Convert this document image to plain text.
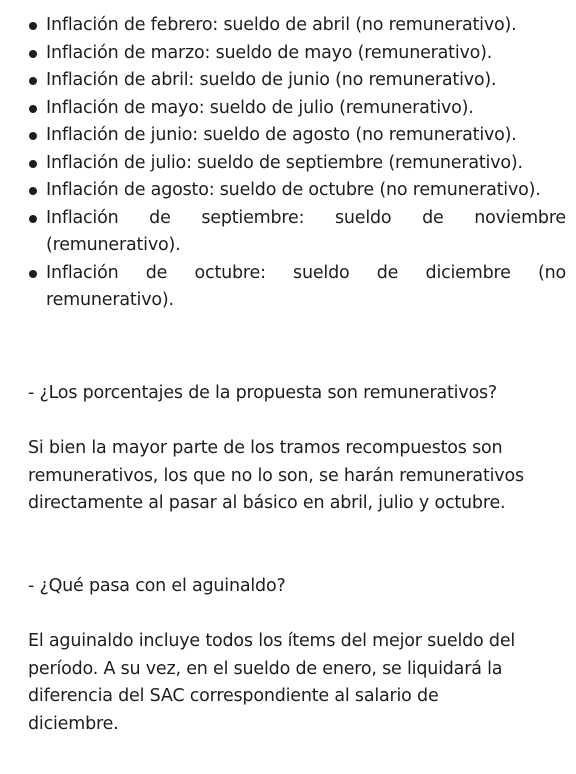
Inflación de febrero: sueldo de abril (no remunerativo).
Inflación de marzo: sueldo de mayo (remunerativo).
Inflación de abril: sueldo de junio (no remunerativo).
Inflación de mayo: sueldo de julio (remunerativo).
Inflación de junio: sueldo de agosto (no remunerativo).
Inflación de julio: sueldo de septiembre (remunerativo).
Inflación de agosto: sueldo de octubre (no remunerativo).
Inflación de septiembre: sueldo de noviembre (remunerativo).
Inflación de octubre: sueldo de diciembre (no remunerativo).

- ¿Los porcentajes de la propuesta son remunerativos?

Si bien la mayor parte de los tramos recompuestos son remunerativos, los que no lo son, se harán remunerativos directamente al pasar al básico en abril, julio y octubre.

- ¿Qué pasa con el aguinaldo?

El aguinaldo incluye todos los ítems del mejor sueldo del período. A su vez, en el sueldo de enero, se liquidará la diferencia del SAC correspondiente al salario de diciembre.
